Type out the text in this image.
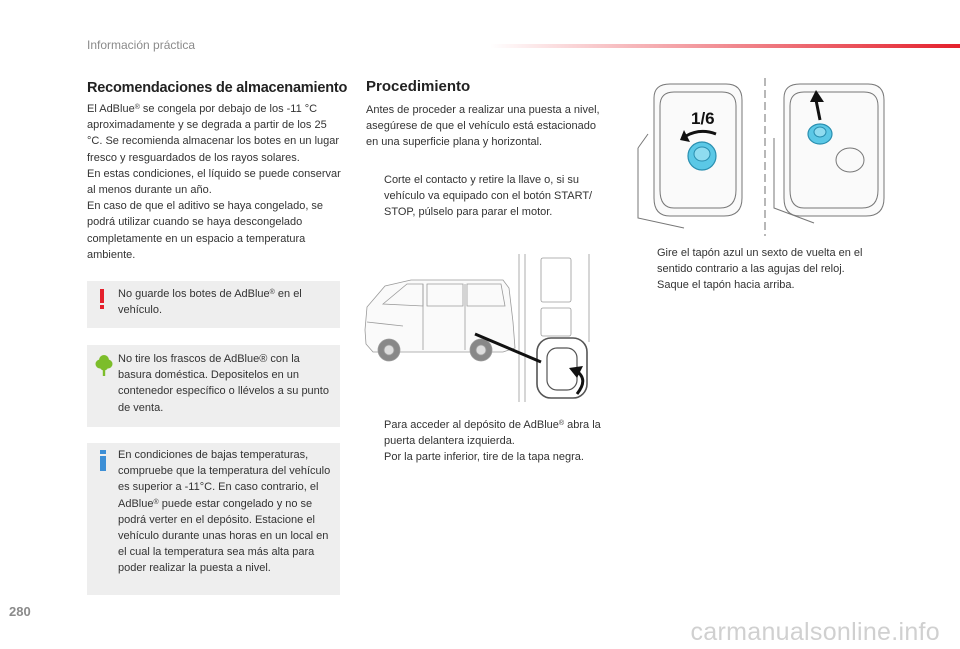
Información práctica
Recomendaciones de almacenamiento

El AdBlue® se congela por debajo de los -11 °C aproximadamente y se degrada a partir de los 25 °C. Se recomienda almacenar los botes en un lugar fresco y resguardados de los rayos solares.

En estas condiciones, el líquido se puede conservar al menos durante un año.

En caso de que el aditivo se haya congelado, se podrá utilizar cuando se haya descongelado completamente en un espacio a temperatura ambiente.

No guarde los botes de AdBlue® en el vehículo.
No tire los frascos de AdBlue® con la basura doméstica. Depositelos en un contenedor específico o llévelos a su punto de venta.
En condiciones de bajas temperaturas, compruebe que la temperatura del vehículo es superior a -11°C. En caso contrario, el AdBlue® puede estar congelado y no se podrá verter en el depósito. Estacione el vehículo durante unas horas en un local en el cual la temperatura sea más alta para poder realizar la puesta a nivel.
Procedimiento
Antes de proceder a realizar una puesta a nivel, asegúrese de que el vehículo está estacionado en una superficie plana y horizontal.
Corte el contacto y retire la llave o, si su vehículo va equipado con el botón START/ STOP, púlselo para parar el motor.
Para acceder al depósito de AdBlue® abra la puerta delantera izquierda.
Por la parte inferior, tire de la tapa negra.
1/6
Gire el tapón azul un sexto de vuelta en el sentido contrario a las agujas del reloj.
Saque el tapón hacia arriba.
280
carmanualsonline.info
